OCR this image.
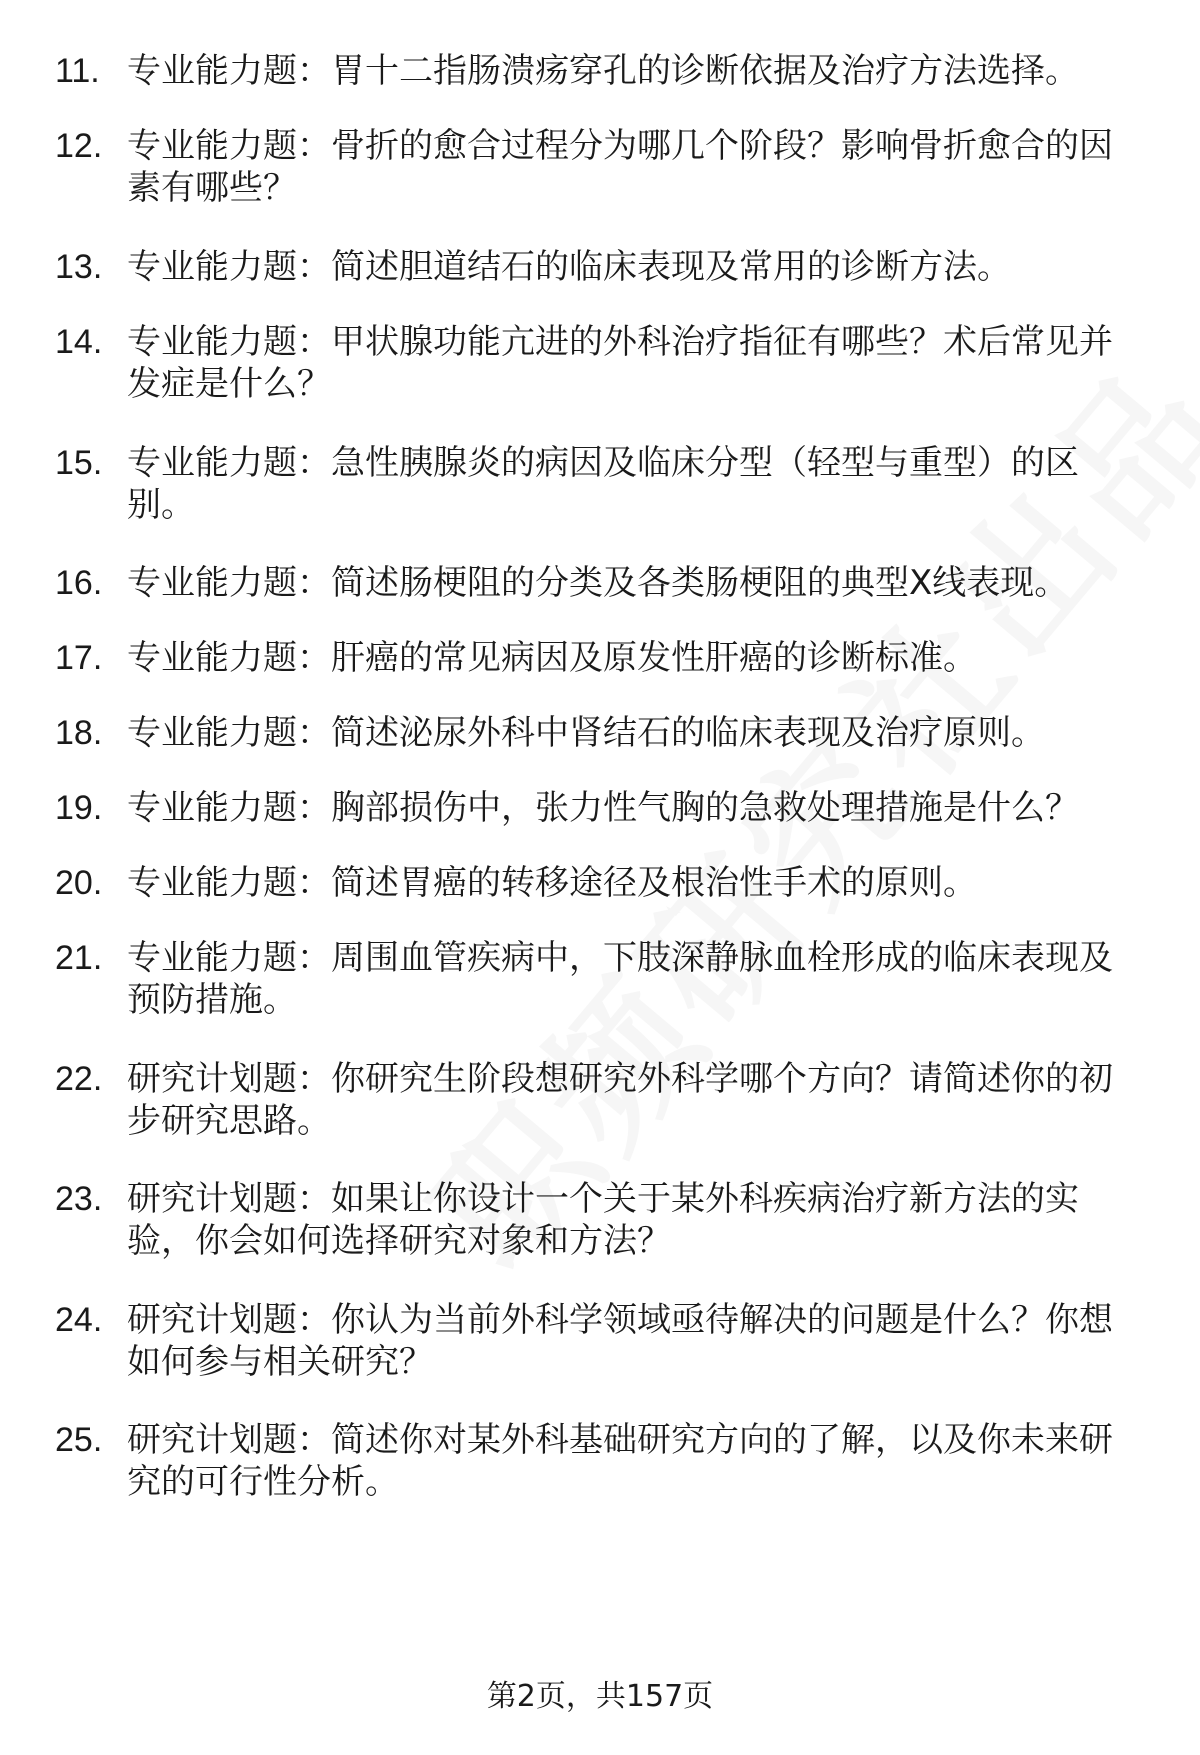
11. 专业能力题：胃十二指肠溃疡穿孔的诊断依据及治疗方法选择。
12. 专业能力题：骨折的愈合过程分为哪几个阶段？影响骨折愈合的因素有哪些？
13. 专业能力题：简述胆道结石的临床表现及常用的诊断方法。
14. 专业能力题：甲状腺功能亢进的外科治疗指征有哪些？术后常见并发症是什么？
15. 专业能力题：急性胰腺炎的病因及临床分型（轻型与重型）的区别。
16. 专业能力题：简述肠梗阻的分类及各类肠梗阻的典型X线表现。
17. 专业能力题：肝癌的常见病因及原发性肝癌的诊断标准。
18. 专业能力题：简述泌尿外科中肾结石的临床表现及治疗原则。
19. 专业能力题：胸部损伤中，张力性气胸的急救处理措施是什么？
20. 专业能力题：简述胃癌的转移途径及根治性手术的原则。
21. 专业能力题：周围血管疾病中，下肢深静脉血栓形成的临床表现及预防措施。
22. 研究计划题：你研究生阶段想研究外科学哪个方向？请简述你的初步研究思路。
23. 研究计划题：如果让你设计一个关于某外科疾病治疗新方法的实验，你会如何选择研究对象和方法？
24. 研究计划题：你认为当前外科学领域亟待解决的问题是什么？你想如何参与相关研究？
25. 研究计划题：简述你对某外科基础研究方向的了解，以及你未来研究的可行性分析。
第2页，共157页
